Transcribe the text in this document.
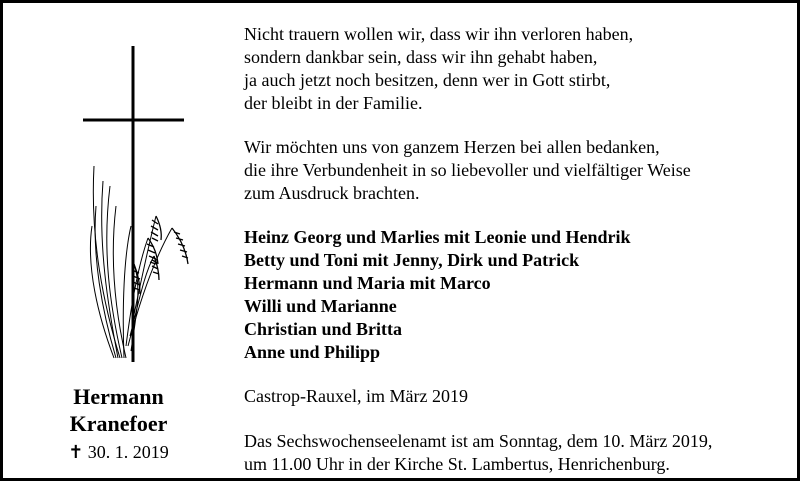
Hermann
Kranefoer
✝ 30. 1. 2019

Nicht trauern wollen wir, dass wir ihn verloren haben,
sondern dankbar sein, dass wir ihn gehabt haben,
ja auch jetzt noch besitzen, denn wer in Gott stirbt,
der bleibt in der Familie.

Wir möchten uns von ganzem Herzen bei allen bedanken,
die ihre Verbundenheit in so liebevoller und vielfältiger Weise
zum Ausdruck brachten.

Heinz Georg und Marlies mit Leonie und Hendrik
Betty und Toni mit Jenny, Dirk und Patrick
Hermann und Maria mit Marco
Willi und Marianne
Christian und Britta
Anne und Philipp

Castrop-Rauxel, im März 2019

Das Sechswochenseelenamt ist am Sonntag, dem 10. März 2019,
um 11.00 Uhr in der Kirche St. Lambertus, Henrichenburg.
